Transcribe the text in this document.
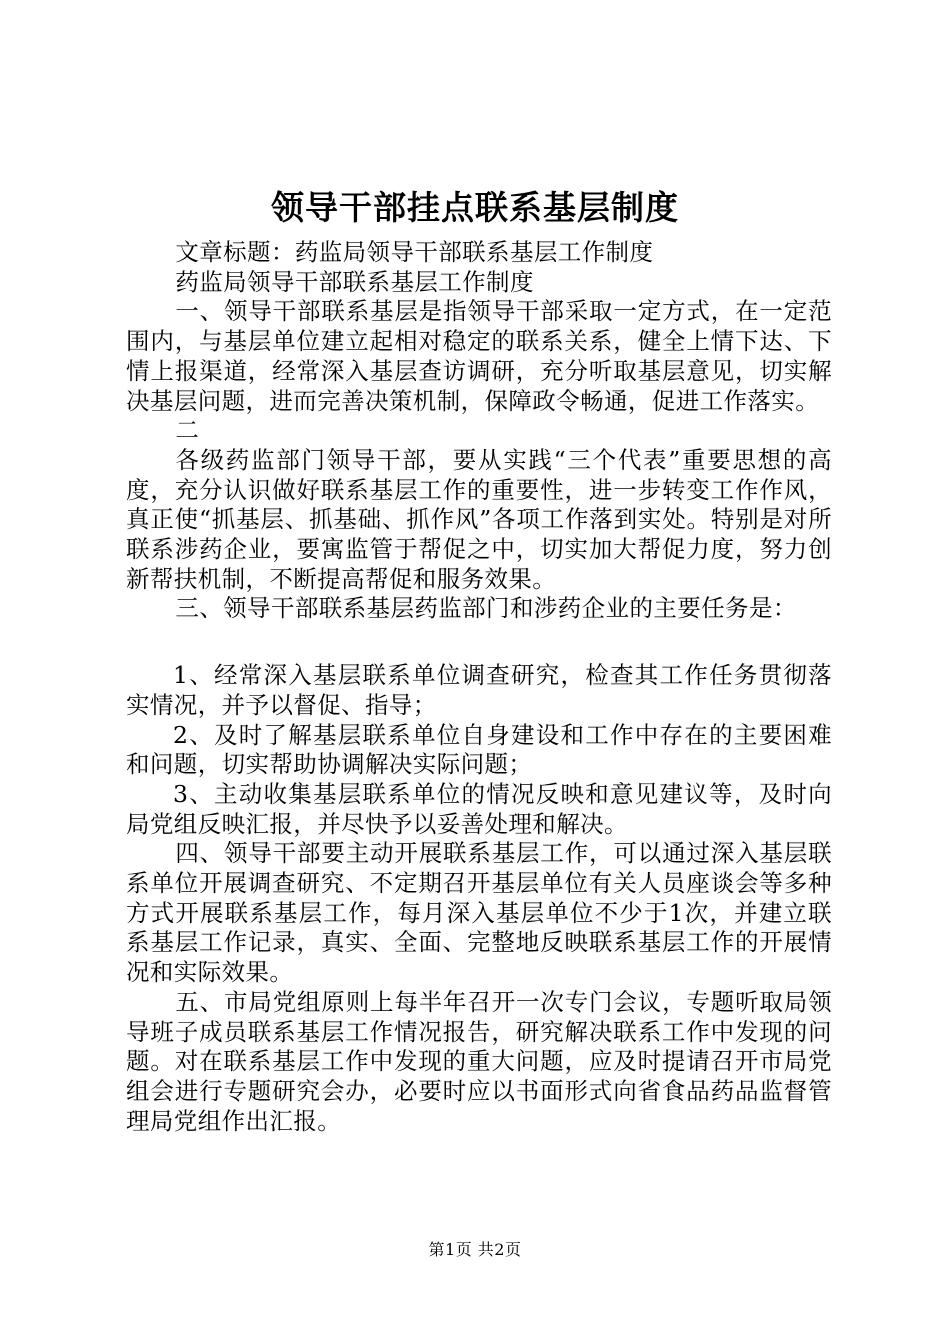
领导干部挂点联系基层制度

文章标题：药监局领导干部联系基层工作制度

药监局领导干部联系基层工作制度

一、领导干部联系基层是指领导干部采取一定方式，在一定范围内，与基层单位建立起相对稳定的联系关系，健全上情下达、下情上报渠道，经常深入基层查访调研，充分听取基层意见，切实解决基层问题，进而完善决策机制，保障政令畅通，促进工作落实。

二

各级药监部门领导干部，要从实践“三个代表”重要思想的高度，充分认识做好联系基层工作的重要性，进一步转变工作作风，真正使“抓基层、抓基础、抓作风”各项工作落到实处。特别是对所联系涉药企业，要寓监管于帮促之中，切实加大帮促力度，努力创新帮扶机制，不断提高帮促和服务效果。

三、领导干部联系基层药监部门和涉药企业的主要任务是：

1、经常深入基层联系单位调查研究，检查其工作任务贯彻落实情况，并予以督促、指导；

2、及时了解基层联系单位自身建设和工作中存在的主要困难和问题，切实帮助协调解决实际问题；

3、主动收集基层联系单位的情况反映和意见建议等，及时向局党组反映汇报，并尽快予以妥善处理和解决。

四、领导干部要主动开展联系基层工作，可以通过深入基层联系单位开展调查研究、不定期召开基层单位有关人员座谈会等多种方式开展联系基层工作，每月深入基层单位不少于1次，并建立联系基层工作记录，真实、全面、完整地反映联系基层工作的开展情况和实际效果。

五、市局党组原则上每半年召开一次专门会议，专题听取局领导班子成员联系基层工作情况报告，研究解决联系工作中发现的问题。对在联系基层工作中发现的重大问题，应及时提请召开市局党组会进行专题研究会办，必要时应以书面形式向省食品药品监督管理局党组作出汇报。

第1页 共2页
